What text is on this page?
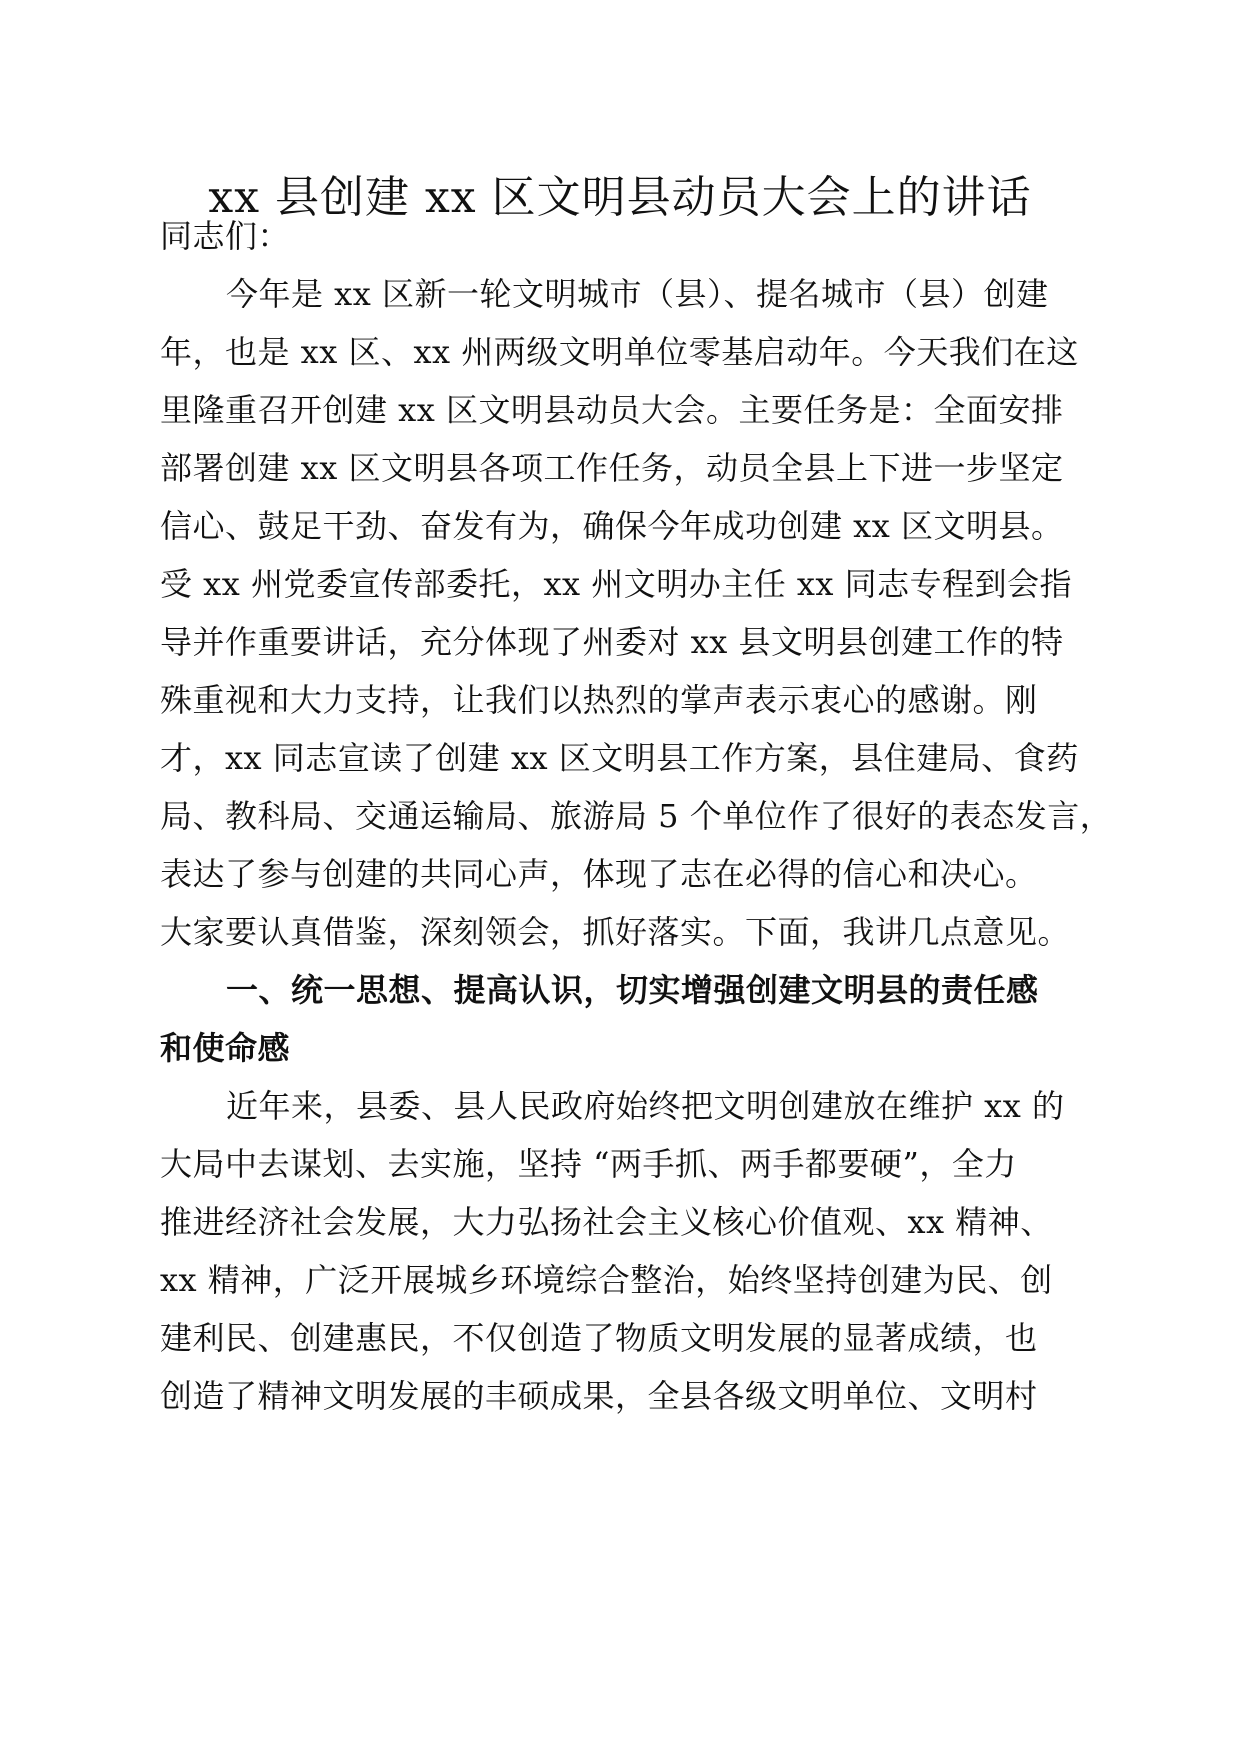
xx 县创建 xx 区文明县动员大会上的讲话
同志们：
今年是 xx 区新一轮文明城市（县）、提名城市（县）创建
年，也是 xx 区、xx 州两级文明单位零基启动年。今天我们在这
里隆重召开创建 xx 区文明县动员大会。主要任务是：全面安排
部署创建 xx 区文明县各项工作任务，动员全县上下进一步坚定
信心、鼓足干劲、奋发有为，确保今年成功创建 xx 区文明县。
受 xx 州党委宣传部委托，xx 州文明办主任 xx 同志专程到会指
导并作重要讲话，充分体现了州委对 xx 县文明县创建工作的特
殊重视和大力支持，让我们以热烈的掌声表示衷心的感谢。刚
才，xx 同志宣读了创建 xx 区文明县工作方案，县住建局、食药
局、教科局、交通运输局、旅游局 5 个单位作了很好的表态发言，
表达了参与创建的共同心声，体现了志在必得的信心和决心。
大家要认真借鉴，深刻领会，抓好落实。下面，我讲几点意见。
一、统一思想、提高认识，切实增强创建文明县的责任感
和使命感
近年来，县委、县人民政府始终把文明创建放在维护 xx 的
大局中去谋划、去实施，坚持 “两手抓、两手都要硬”，全力
推进经济社会发展，大力弘扬社会主义核心价值观、xx 精神、
xx 精神，广泛开展城乡环境综合整治，始终坚持创建为民、创
建利民、创建惠民，不仅创造了物质文明发展的显著成绩，也
创造了精神文明发展的丰硕成果，全县各级文明单位、文明村
